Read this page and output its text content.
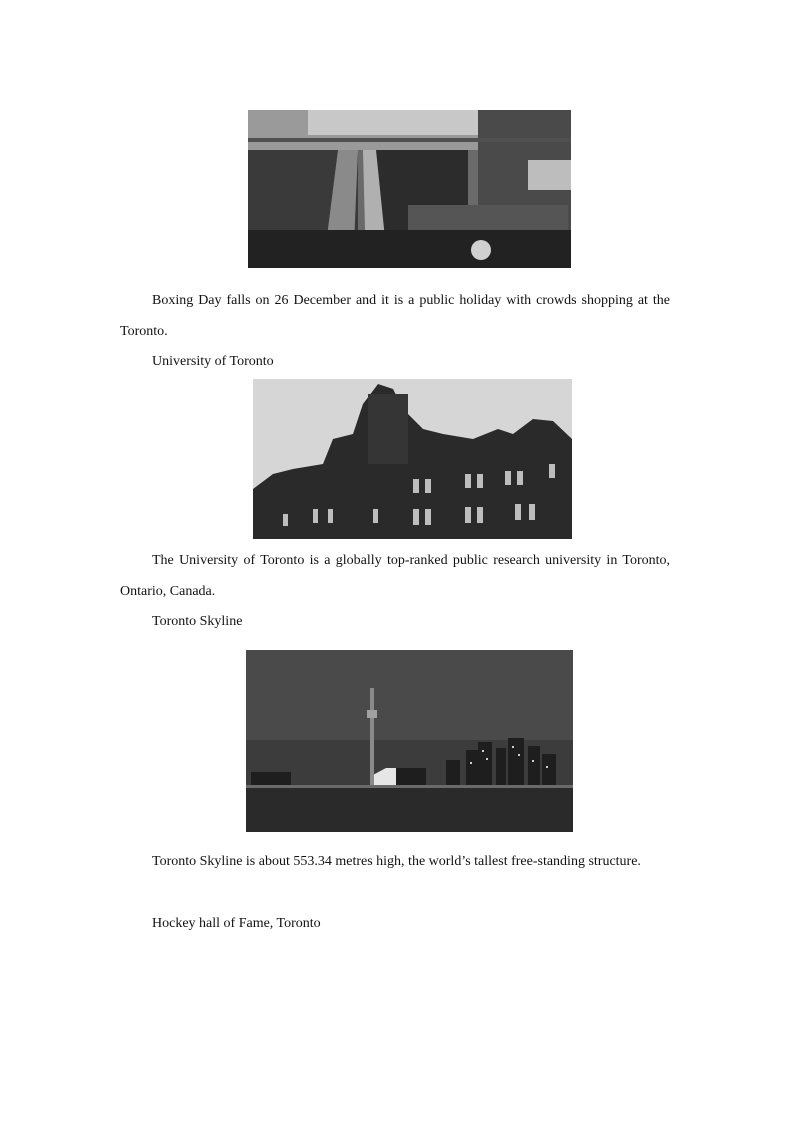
Boxing Day falls on 26 December and it is a public holiday with crowds shopping at the Toronto.

University of Toronto

The University of Toronto is a globally top-ranked public research university in Toronto, Ontario, Canada.

Toronto Skyline

Toronto Skyline is about 553.34 metres high, the world’s tallest free-standing structure.

Hockey hall of Fame, Toronto
